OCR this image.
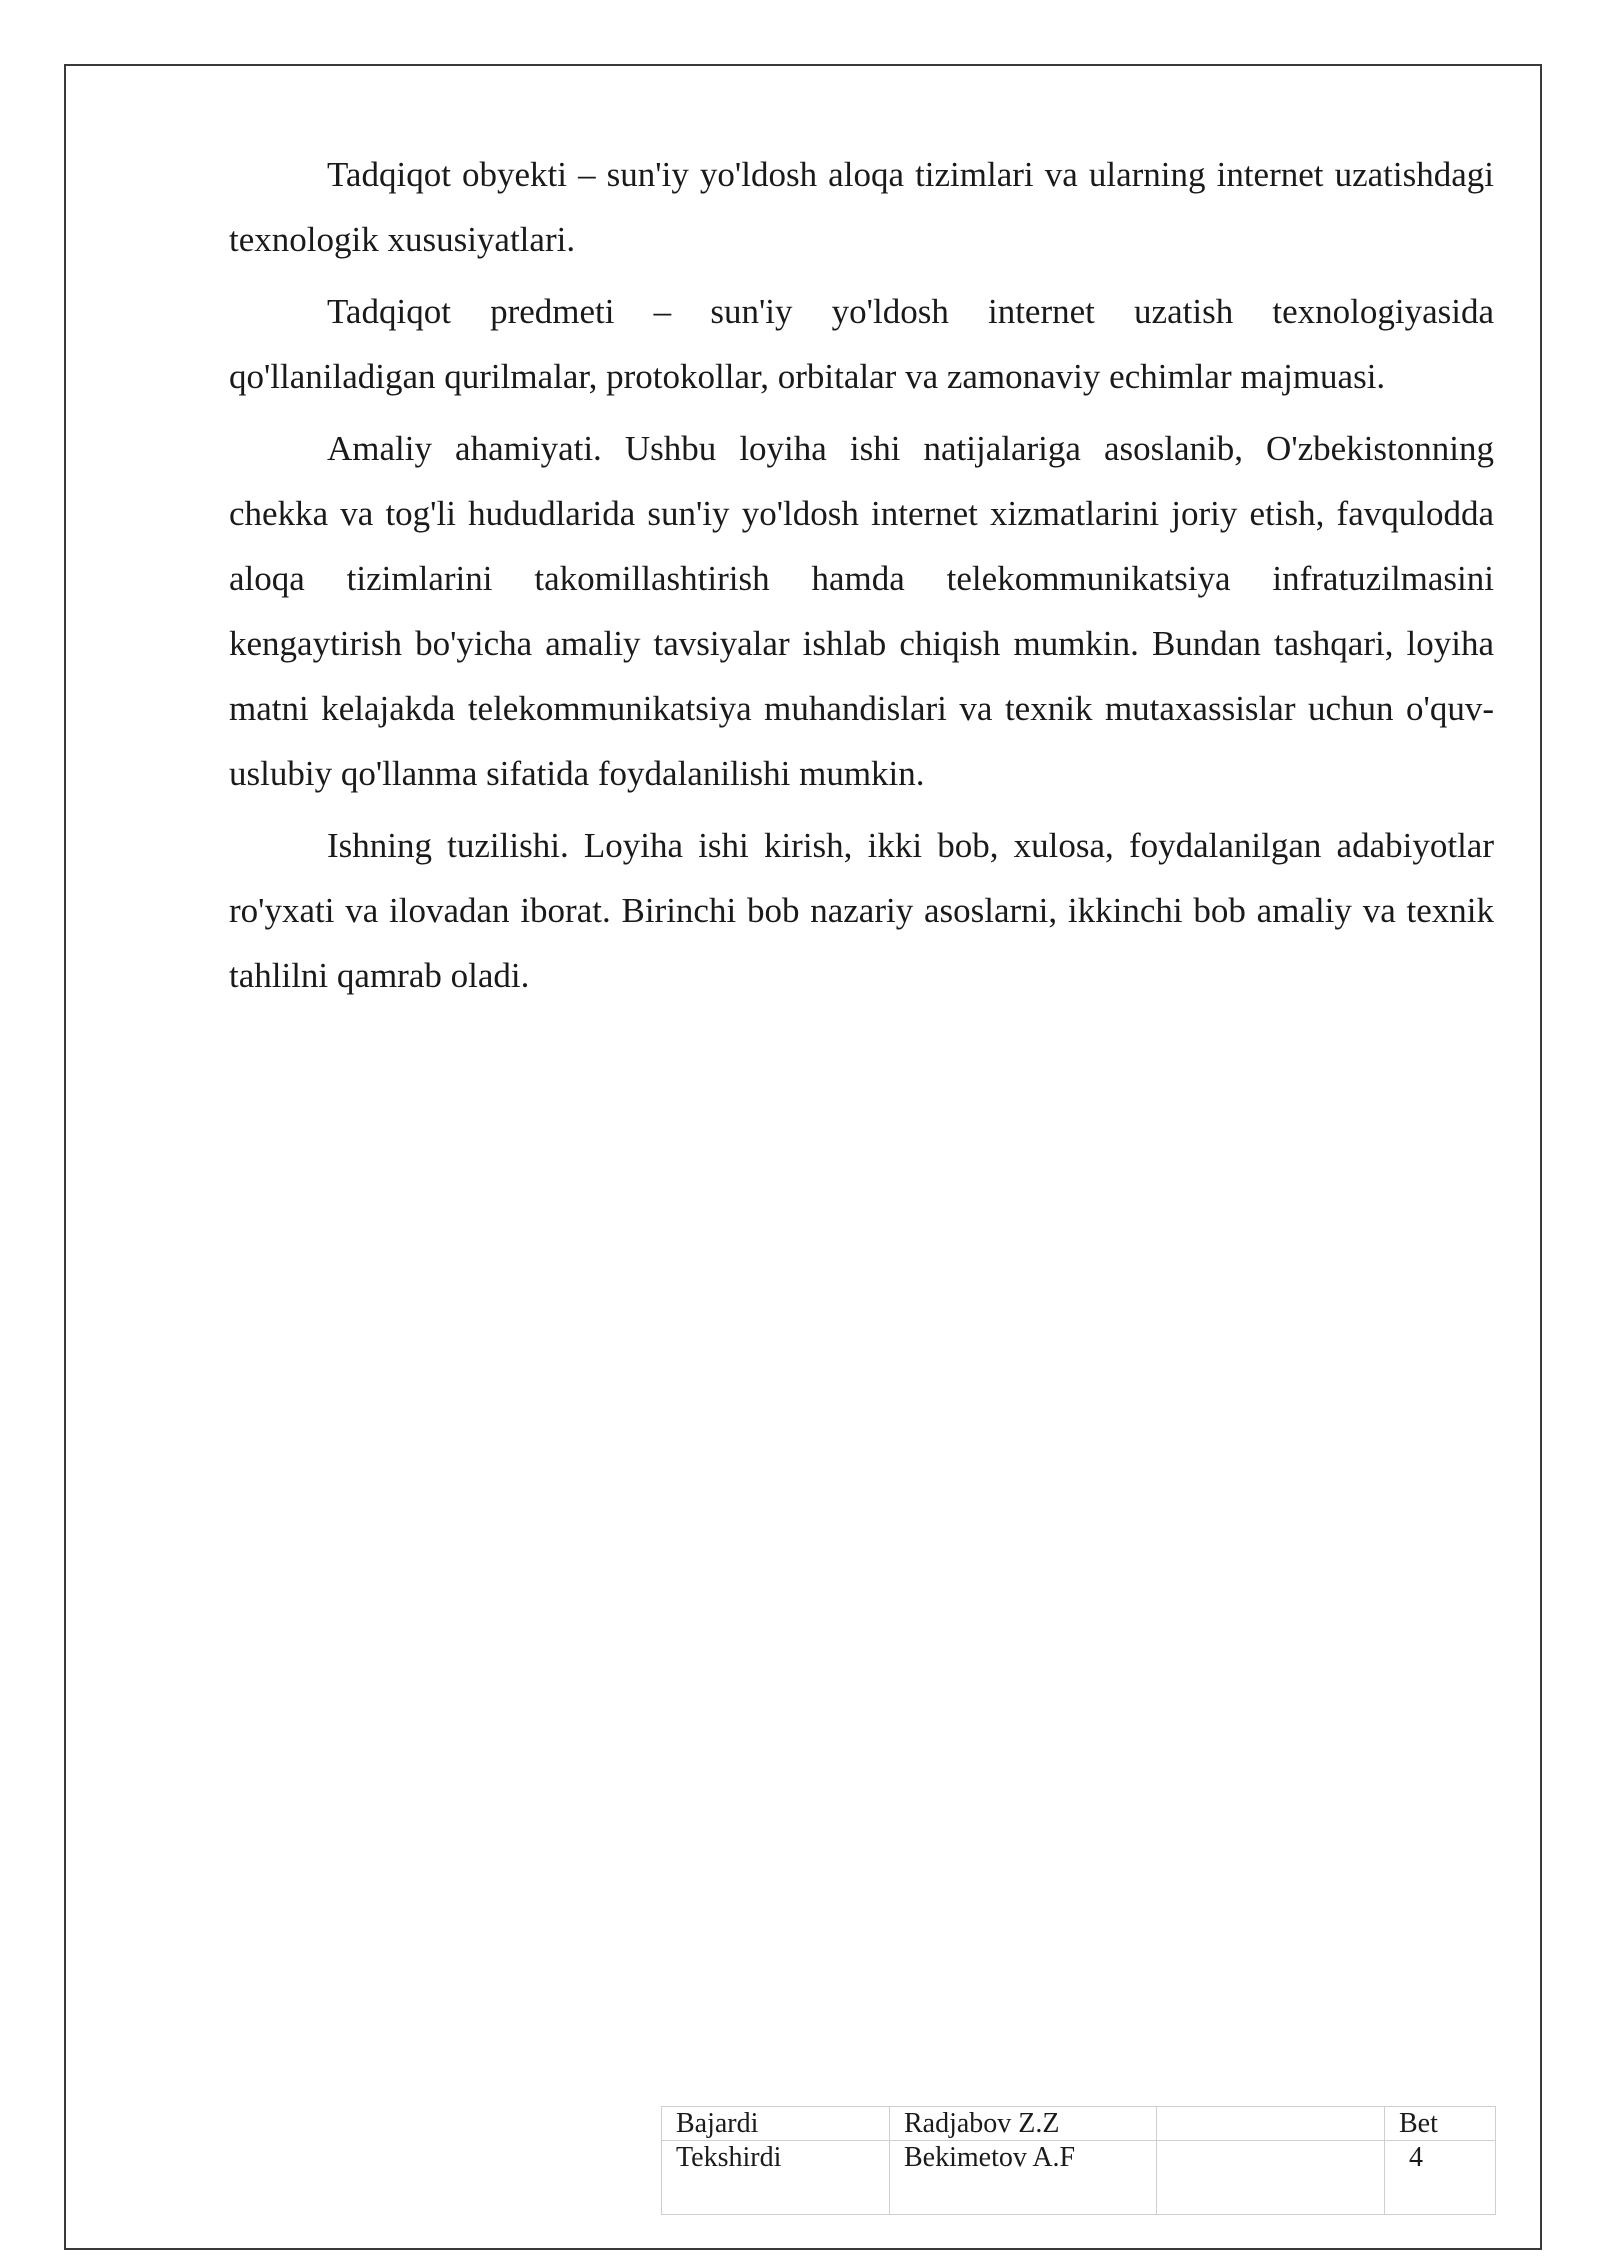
Tadqiqot obyekti – sun'iy yo'ldosh aloqa tizimlari va ularning internet uzatishdagi texnologik xususiyatlari.

Tadqiqot predmeti – sun'iy yo'ldosh internet uzatish texnologiyasida qo'llaniladigan qurilmalar, protokollar, orbitalar va zamonaviy echimlar majmuasi.

Amaliy ahamiyati. Ushbu loyiha ishi natijalariga asoslanib, O'zbekistonning chekka va tog'li hududlarida sun'iy yo'ldosh internet xizmatlarini joriy etish, favqulodda aloqa tizimlarini takomillashtirish hamda telekommunikatsiya infratuzilmasini kengaytirish bo'yicha amaliy tavsiyalar ishlab chiqish mumkin. Bundan tashqari, loyiha matni kelajakda telekommunikatsiya muhandislari va texnik mutaxassislar uchun o'quv-uslubiy qo'llanma sifatida foydalanilishi mumkin.

Ishning tuzilishi. Loyiha ishi kirish, ikki bob, xulosa, foydalanilgan adabiyotlar ro'yxati va ilovadan iborat. Birinchi bob nazariy asoslarni, ikkinchi bob amaliy va texnik tahlilni qamrab oladi.

Bajardi	Radjabov Z.Z		Bet
Tekshirdi	Bekimetov A.F		4
